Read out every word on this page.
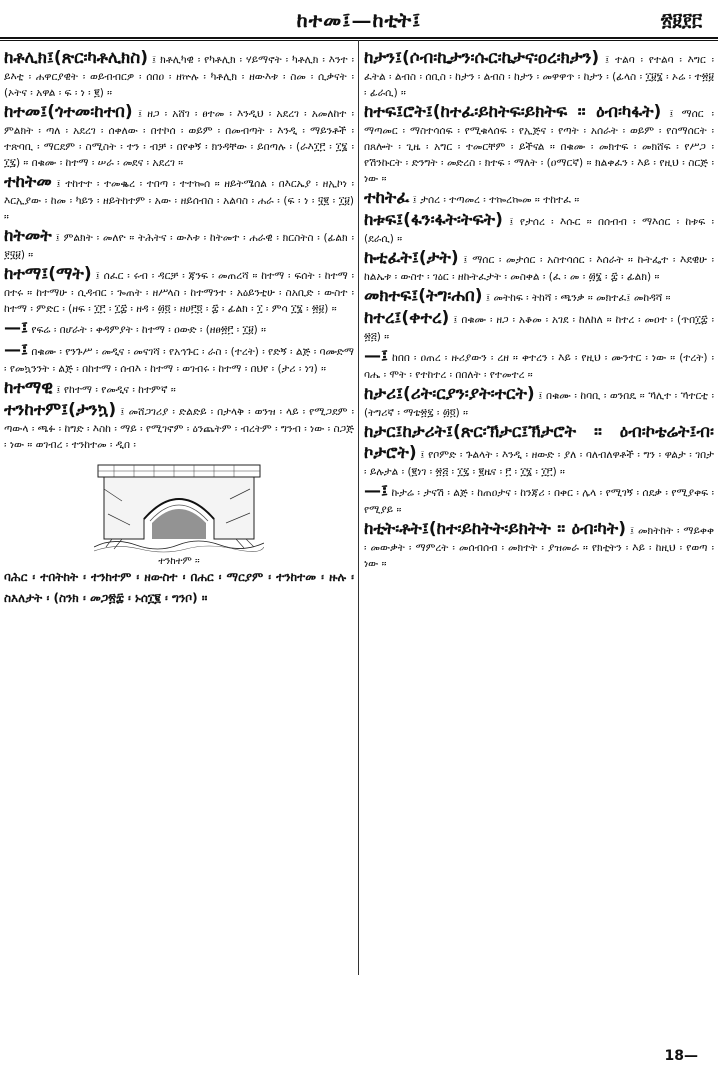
ከተመ፤—ከቲት፤	፳፱፻፫

ከቶሊክ፤(ጽር፡ካቶሊክስ) ፤ ክቶሊካዊ ፡ የካቶሊክ ፡ ሃይማኖት ፡ ካቶሊክ ፡ እንተ ፡ ይእቲ ፡ ሐዋርያዊት ፡ ወይብብርዎ ፡ ሰበዐ ፡ ዘኵሉ ፡ ካቶሊክ ፡ ዘውእቱ ፡ ስመ ፡ ሲቃናት ፡ (ኦትና ፡ አዋል ፡ ፍ ፡ ነ ፡ ፪) ።

ከተመ፤(ጎተመ፡ከተበ) ፤ ዘጋ ፡ አሸገ ፡ ፀተመ ፡ እንዲህ ፡ አደረገ ፡ አመለከተ ፡ ምልክት ፡ ጣለ ፡ አደረገ ፡ ሰቀለው ፡ በተኮሰ ፡ ወይም ፡ በመብጣት ፡ እንዲ ፡ ማይንቶች ፡ ተጽባቢ ፡ ማርደም ፡ ስሚስት ፡ ተን ፡ ብቻ ፡ በየቀኝ ፡ ክንዳቸው ፡ ይበጣሉ ፡ (ራእ፲፫ ፡ ፲፮ ፡ ፲፯) ። በቁሙ ፡ ከተማ ፡ ሠራ ፡ መደና ፡ አደረገ ።

ተከትመ ፤ ተከተተ ፡ ተመቈረ ፡ ተበጣ ፡ ተተኰሰ ። ዘይትሜሰል ፡ በእርኤያ ፡ ዘኢኮነ ፡ እርኢያው ፡ ከመ ፡ ካይን ፡ ዘይትከተም ፡ አው ፡ ዘይሰብስ ፡ አልባስ ፡ ሐራ ፡ (ፍ ፡ ነ ፡ ፶፪ ፡ ፲፱) ።

ከትመት ፤ ምልክት ፡ መለዮ ። ትሕትና ፡ ውእቱ ፡ ከትመተ ፡ ሐራዊ ፡ ክርስትስ ፡ (ፊልክ ፡ ፻፶፱) ።

ከተማ፤(ማት) ፤ ሰፈር ፡ ሩብ ፡ ዳርቻ ፡ ጃንፍ ፡ መጠረሻ ። ከተማ ፡ ፍሰት ፡ ከተማ ፡ በተሩ ። ከተማሁ ፡ ሲዳብር ፡ ጐጠት ፡ ዘሥላስ ፡ ከተማንተ ፡ አዕይንቲሁ ፡ ስአቢድ ፡ ውስተ ፡ ከተማ ፡ ምድር ፡ (ዘፍ ፡ ፲፫ ፡ ፲፰ ፡ ዘዳ ፡ ፴፬ ፡ ዘሀ፫፬ ፡ ፰ ፡ ፊልክ ፡ ፲ ፡ ምሳ ፲፮ ፡ ፳፱) ።

—፤ የፍሬ ፡ በሆራት ፡ ቀዳምያት ፡ ከተማ ፡ ዐውድ ፡ (ዘፀ፳፫ ፡ ፲፱) ።

—፤ በቁሙ ፡ የንጉሥ ፡ መዲና ፡ መናገሻ ፡ የአኅጉር ፡ ራስ ፡ (ተረት) ፡ የድኝ ፡ ልጅ ፡ ባሙድማ ፡ የመኳንንት ፡ ልጅ ፡ በከተማ ፡ ሰብእ ፡ ከተማ ፡ ወገብሩ ፡ ከተማ ፡ በህየ ፡ (ታሪ ፡ ነገ) ።

ከተማዊ ፤ የከተማ ፡ የመዲና ፡ ከተምኛ ።

ተንከተም፤(ታንኳ) ፤ መሸጋገሪያ ፡ ድልድይ ፡ በታላቅ ፡ ወንዝ ፡ ላይ ፡ የሚጋደም ፡ ጣውላ ፡ ጫፉ ፡ ከግድ ፡ እስከ ፡ ማይ ፡ የሚገኖም ፡ ዕንጨትም ፡ ብረትም ፡ ግንብ ፡ ነው ፡ ስጋጅ ፡ ነው ። ወገብረ ፡ ተንከተመ ፡ ዲበ ፡

ተንከተም ።

ባሕር ፡ ተበትከት ፡ ተንከተም ፡ ዘውስተ ፡ በሐር ፡ ማርያም ፡ ተንከተመ ፡ ዙሉ ፡ ስእለታት ፡ (ስንክ ፡ መጋ፳፰ ፡ ኑሰ፲፪ ፡ ግንቦ) ።

ከታን፤(ሶብ፡ኪታን፡ሱር፡ኬታና፡ዐረ፡ክታን) ፤ ተልባ ፡ የተልባ ፡ እግር ፡ ፈትል ፡ ልብስ ፡ ሰቢስ ፡ ከታን ፡ ልብስ ፡ ከታን ፡ መዋዋጥ ፡ ከታን ፡ (ፊላስ ፡ ፲፱፮ ፡ ኦሬ ፡ ተ፳፱ ፡ ፊራሲ) ።

ከተፍ፤ሮት፤(ከተፈ፡ይከትፍ፡ይክትፍ ። ዕብ፡ካፋት) ፤ ማሰር ፡ ማጣመር ፡ ማስተሳሰፍ ፡ የሚቁላሰፍ ፡ የኢጅና ፡ የጣት ፡ አሰራት ፡ ወይም ፡ የስማሰርት ፡ በጸሎት ፡ ጊዜ ፡ አግር ፡ ተመርቸም ፡ ይችናል ። በቁሙ ፡ መክተፍ ፡ መክሸፍ ፡ የሥጋ ፡ የሽንኩርት ፡ ድንግት ፡ መድረስ ፡ ክተፍ ፡ ማለት ፡ (ዐማርኛ) ። ክልቀፈን ፡ እይ ፡ የዚህ ፡ ስርጅ ፡ ነው ።

ተከትፈ ፤ ታሰረ ፡ ተጣመረ ፡ ተኰረኰመ ። ተከተፈ ።

ከቱፍ፤(ፋን፡ፋት፡ትፍት) ፤ የታሰረ ፡ እሱር ። በሰብብ ፡ ማእሰር ፡ ከቱፍ ፡ (ደራሲ) ።

ኩቲፈት፤(ታት) ፤ ማሰር ፡ መታሰር ፡ አስተሳሰር ፡ እሰራት ። ኩትፌተ ፡ እደዊሁ ፡ ከልኤቱ ፡ ውስተ ፡ ገዕር ፡ ዘኩትፈታት ፡ መስቀል ፡ (ፈ ፡ መ ፡ ፴፮ ፡ ፰ ፡ ፊልክ) ።

መክተፍ፤(ትግ፡ሐበ) ፤ መትከፍ ፡ ትከሻ ፡ ጫንቃ ። መክተፈ፤ መከዳሻ ።

ከተረ፤(ቀተረ) ፤ በቁሙ ፡ ዘጋ ፡ አቆመ ፡ አገደ ፡ ከለከለ ። ከተረ ፡ መዐተ ፡ (ጥበ፲፰ ፡ ፳፭) ።

—፤ ከበበ ፡ ዐጠረ ፡ ዙሪያውን ፡ ረዘ ። ቀተረን ፡ እይ ፡ የዚህ ፡ ሙንተር ፡ ነው ። (ተረት) ፡ ባሔ ፡ ሞት ፡ የተከተረ ፡ በበለት ፡ የተመተረ ።

ከታሪ፤(ሪት፡ርያን፡ያት፡ተርት) ፤ በቁሙ ፡ ከባቢ ፡ ወንበዴ ። ኻሊተ ፡ ኻተርቲ ፡ (ትግሪኛ ፡ ማቴ፳፯ ፡ ፴፬) ።

ከታር፤ከታሪት፤(ጽር፡ኽታር፤ኽታሮት ። ዕብ፡ኮቴሬት፤ብ፡ኮታሮት) ፤ የቦምድ ፡ ጉልላት ፡ እንዲ ፡ ዘውድ ፡ ያለ ፡ ባለብለዋቶች ፡ ግን ፡ ዋልታ ፡ ገበታ ፡ ይሉታል ፡ (፪ነገ ፡ ፳፭ ፡ ፲፯ ፡ ፪ዜና ፡ ፫ ፡ ፲፮ ፡ ፲፫) ።

—፤ ኩታሬ ፡ ታናሽ ፡ ልጅ ፡ ከጠዐታና ፡ ከንጃሪ ፡ በቀር ፡ ሌላ ፡ የሚገኝ ፡ ሰደቃ ፡ የሚያቀፍ ፡ የሚያይ ።

ከቲት፡ቶት፤(ከተ፡ይከትት፡ይክትት ። ዕብ፡ካት) ፤ መክትከት ፡ ማይቀቀ ፡ መውቃት ፡ ማምረት ፡ መሰብሰብ ፡ መክተት ፡ ያዝመራ ። የክቲትን ፡ እይ ፡ ከዚህ ፡ የወጣ ፡ ነው ።

18—
